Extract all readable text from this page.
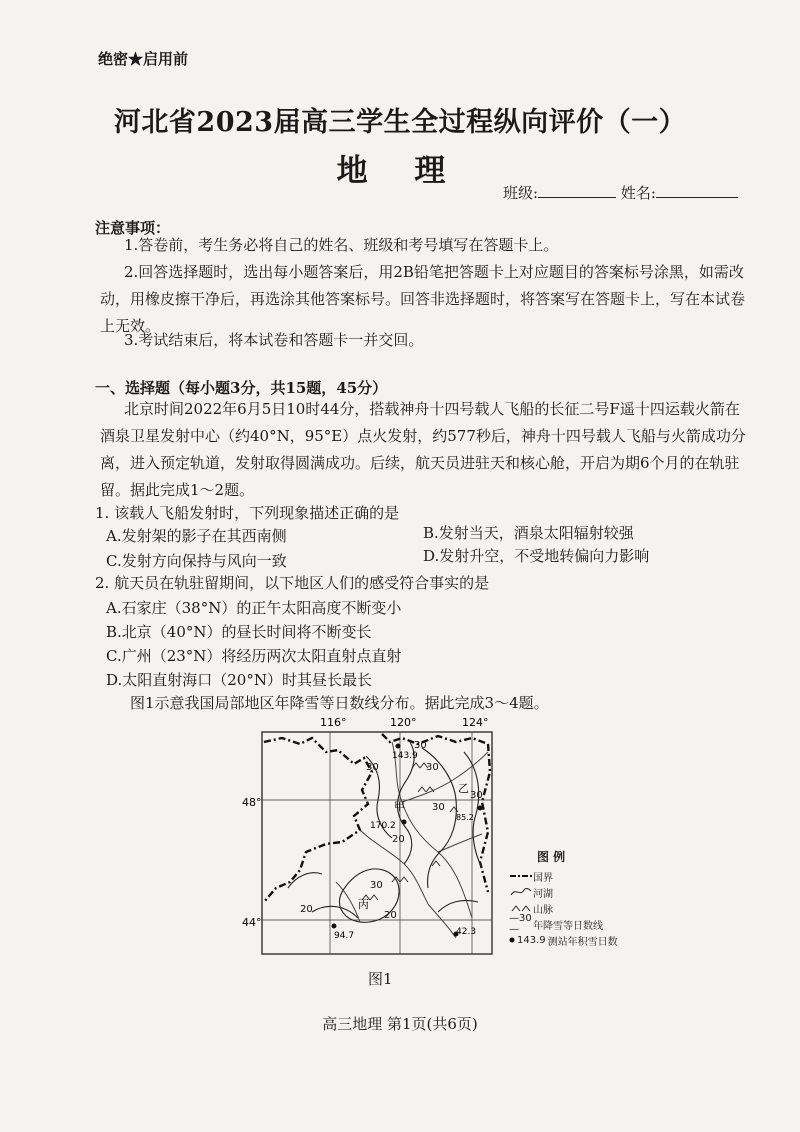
绝密★启用前
河北省2023届高三学生全过程纵向评价（一）
地 理
班级:	姓名:
注意事项：
1.答卷前，考生务必将自己的姓名、班级和考号填写在答题卡上。
2.回答选择题时，选出每小题答案后，用2B铅笔把答题卡上对应题目的答案标号涂黑，如需改动，用橡皮擦干净后，再选涂其他答案标号。回答非选择题时，将答案写在答题卡上，写在本试卷上无效。
3.考试结束后，将本试卷和答题卡一并交回。
一、选择题（每小题3分，共15题，45分）
北京时间2022年6月5日10时44分，搭载神舟十四号载人飞船的长征二号F遥十四运载火箭在酒泉卫星发射中心（约40°N，95°E）点火发射，约577秒后，神舟十四号载人飞船与火箭成功分离，进入预定轨道，发射取得圆满成功。后续，航天员进驻天和核心舱，开启为期6个月的在轨驻留。据此完成1～2题。
1. 该载人飞船发射时，下列现象描述正确的是
A.发射架的影子在其西南侧	B.发射当天，酒泉太阳辐射较强
C.发射方向保持与风向一致	D.发射升空，不受地转偏向力影响
2. 航天员在轨驻留期间，以下地区人们的感受符合事实的是
A.石家庄（38°N）的正午太阳高度不断变小
B.北京（40°N）的昼长时间将不断变长
C.广州（23°N）将经历两次太阳直射点直射
D.太阳直射海口（20°N）时其昼长最长
图1示意我国局部地区年降雪等日数线分布。据此完成3～4题。
116°	120°	124°
48°
44°
30
30	30
30
20
20
30
20
30
143.9
170.2
85.2
94.7	42.3
甲
乙
丙
图 例
国界
河湖
山脉
—30—	年降雪等日数线
143.9 测站年积雪日数
图1
高三地理 第1页(共6页)
